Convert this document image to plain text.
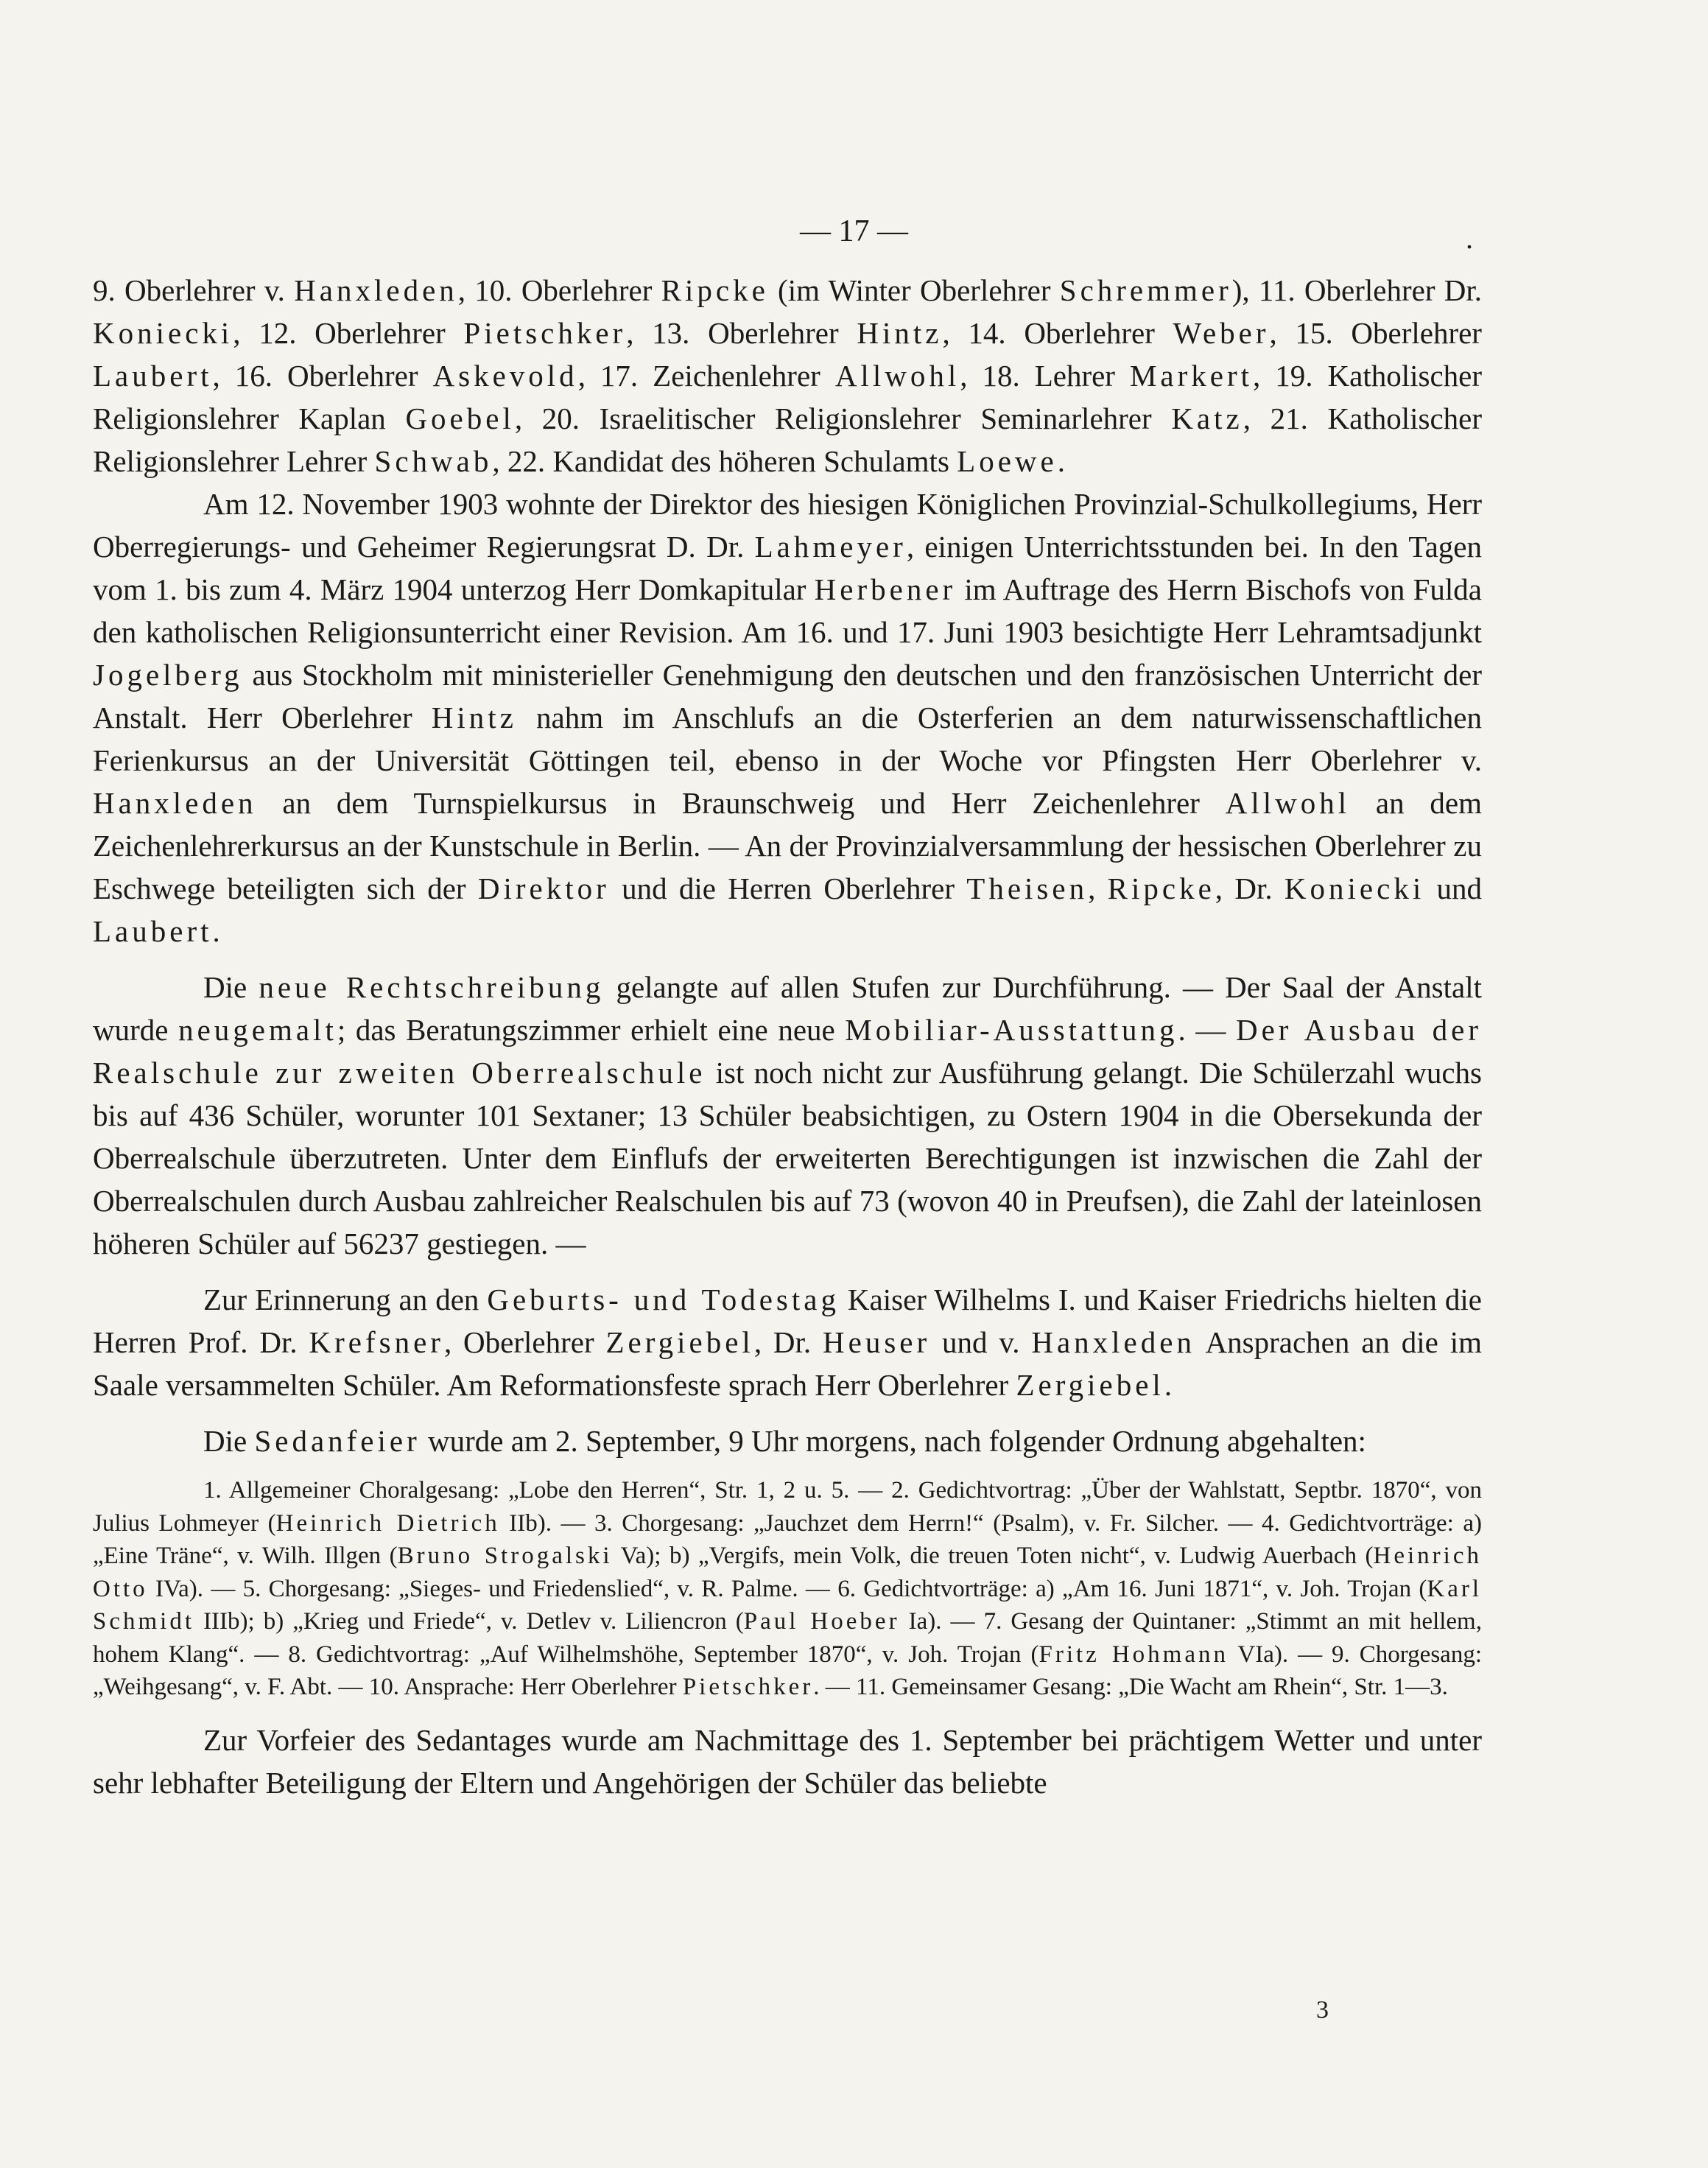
— 17 —	.

9. Oberlehrer v. Hanxleden, 10. Oberlehrer Ripcke (im Winter Oberlehrer Schremmer), 11. Oberlehrer Dr. Koniecki, 12. Oberlehrer Pietschker, 13. Oberlehrer Hintz, 14. Oberlehrer Weber, 15. Oberlehrer Laubert, 16. Oberlehrer Askevold, 17. Zeichenlehrer Allwohl, 18. Lehrer Markert, 19. Katholischer Religionslehrer Kaplan Goebel, 20. Israelitischer Religionslehrer Seminarlehrer Katz, 21. Katholischer Religionslehrer Lehrer Schwab, 22. Kandidat des höheren Schulamts Loewe.

Am 12. November 1903 wohnte der Direktor des hiesigen Königlichen Provinzial-Schulkollegiums, Herr Oberregierungs- und Geheimer Regierungsrat D. Dr. Lahmeyer, einigen Unterrichtsstunden bei. In den Tagen vom 1. bis zum 4. März 1904 unterzog Herr Domkapitular Herbener im Auftrage des Herrn Bischofs von Fulda den katholischen Religionsunterricht einer Revision. Am 16. und 17. Juni 1903 besichtigte Herr Lehramtsadjunkt Jogelberg aus Stockholm mit ministerieller Genehmigung den deutschen und den französischen Unterricht der Anstalt. Herr Oberlehrer Hintz nahm im Anschlufs an die Osterferien an dem naturwissenschaftlichen Ferienkursus an der Universität Göttingen teil, ebenso in der Woche vor Pfingsten Herr Oberlehrer v. Hanxleden an dem Turnspielkursus in Braunschweig und Herr Zeichenlehrer Allwohl an dem Zeichenlehrerkursus an der Kunstschule in Berlin. — An der Provinzialversammlung der hessischen Oberlehrer zu Eschwege beteiligten sich der Direktor und die Herren Oberlehrer Theisen, Ripcke, Dr. Koniecki und Laubert.

Die neue Rechtschreibung gelangte auf allen Stufen zur Durchführung. — Der Saal der Anstalt wurde neugemalt; das Beratungszimmer erhielt eine neue Mobiliar-Ausstattung. — Der Ausbau der Realschule zur zweiten Oberrealschule ist noch nicht zur Ausführung gelangt. Die Schülerzahl wuchs bis auf 436 Schüler, worunter 101 Sextaner; 13 Schüler beabsichtigen, zu Ostern 1904 in die Obersekunda der Oberrealschule überzutreten. Unter dem Einflufs der erweiterten Berechtigungen ist inzwischen die Zahl der Oberrealschulen durch Ausbau zahlreicher Realschulen bis auf 73 (wovon 40 in Preufsen), die Zahl der lateinlosen höheren Schüler auf 56237 gestiegen. —

Zur Erinnerung an den Geburts- und Todestag Kaiser Wilhelms I. und Kaiser Friedrichs hielten die Herren Prof. Dr. Krefsner, Oberlehrer Zergiebel, Dr. Heuser und v. Hanxleden Ansprachen an die im Saale versammelten Schüler. Am Reformationsfeste sprach Herr Oberlehrer Zergiebel.

Die Sedanfeier wurde am 2. September, 9 Uhr morgens, nach folgender Ordnung abgehalten:

1. Allgemeiner Choralgesang: „Lobe den Herren“, Str. 1, 2 u. 5. — 2. Gedichtvortrag: „Über der Wahlstatt, Septbr. 1870“, von Julius Lohmeyer (Heinrich Dietrich IIb). — 3. Chorgesang: „Jauchzet dem Herrn!“ (Psalm), v. Fr. Silcher. — 4. Gedichtvorträge: a) „Eine Träne“, v. Wilh. Illgen (Bruno Strogalski Va); b) „Vergifs, mein Volk, die treuen Toten nicht“, v. Ludwig Auerbach (Heinrich Otto IVa). — 5. Chorgesang: „Sieges- und Friedenslied“, v. R. Palme. — 6. Gedichtvorträge: a) „Am 16. Juni 1871“, v. Joh. Trojan (Karl Schmidt IIIb); b) „Krieg und Friede“, v. Detlev v. Liliencron (Paul Hoeber Ia). — 7. Gesang der Quintaner: „Stimmt an mit hellem, hohem Klang“. — 8. Gedichtvortrag: „Auf Wilhelmshöhe, September 1870“, v. Joh. Trojan (Fritz Hohmann VIa). — 9. Chorgesang: „Weihgesang“, v. F. Abt. — 10. Ansprache: Herr Oberlehrer Pietschker. — 11. Gemeinsamer Gesang: „Die Wacht am Rhein“, Str. 1—3.

Zur Vorfeier des Sedantages wurde am Nachmittage des 1. September bei prächtigem Wetter und unter sehr lebhafter Beteiligung der Eltern und Angehörigen der Schüler das beliebte

3
